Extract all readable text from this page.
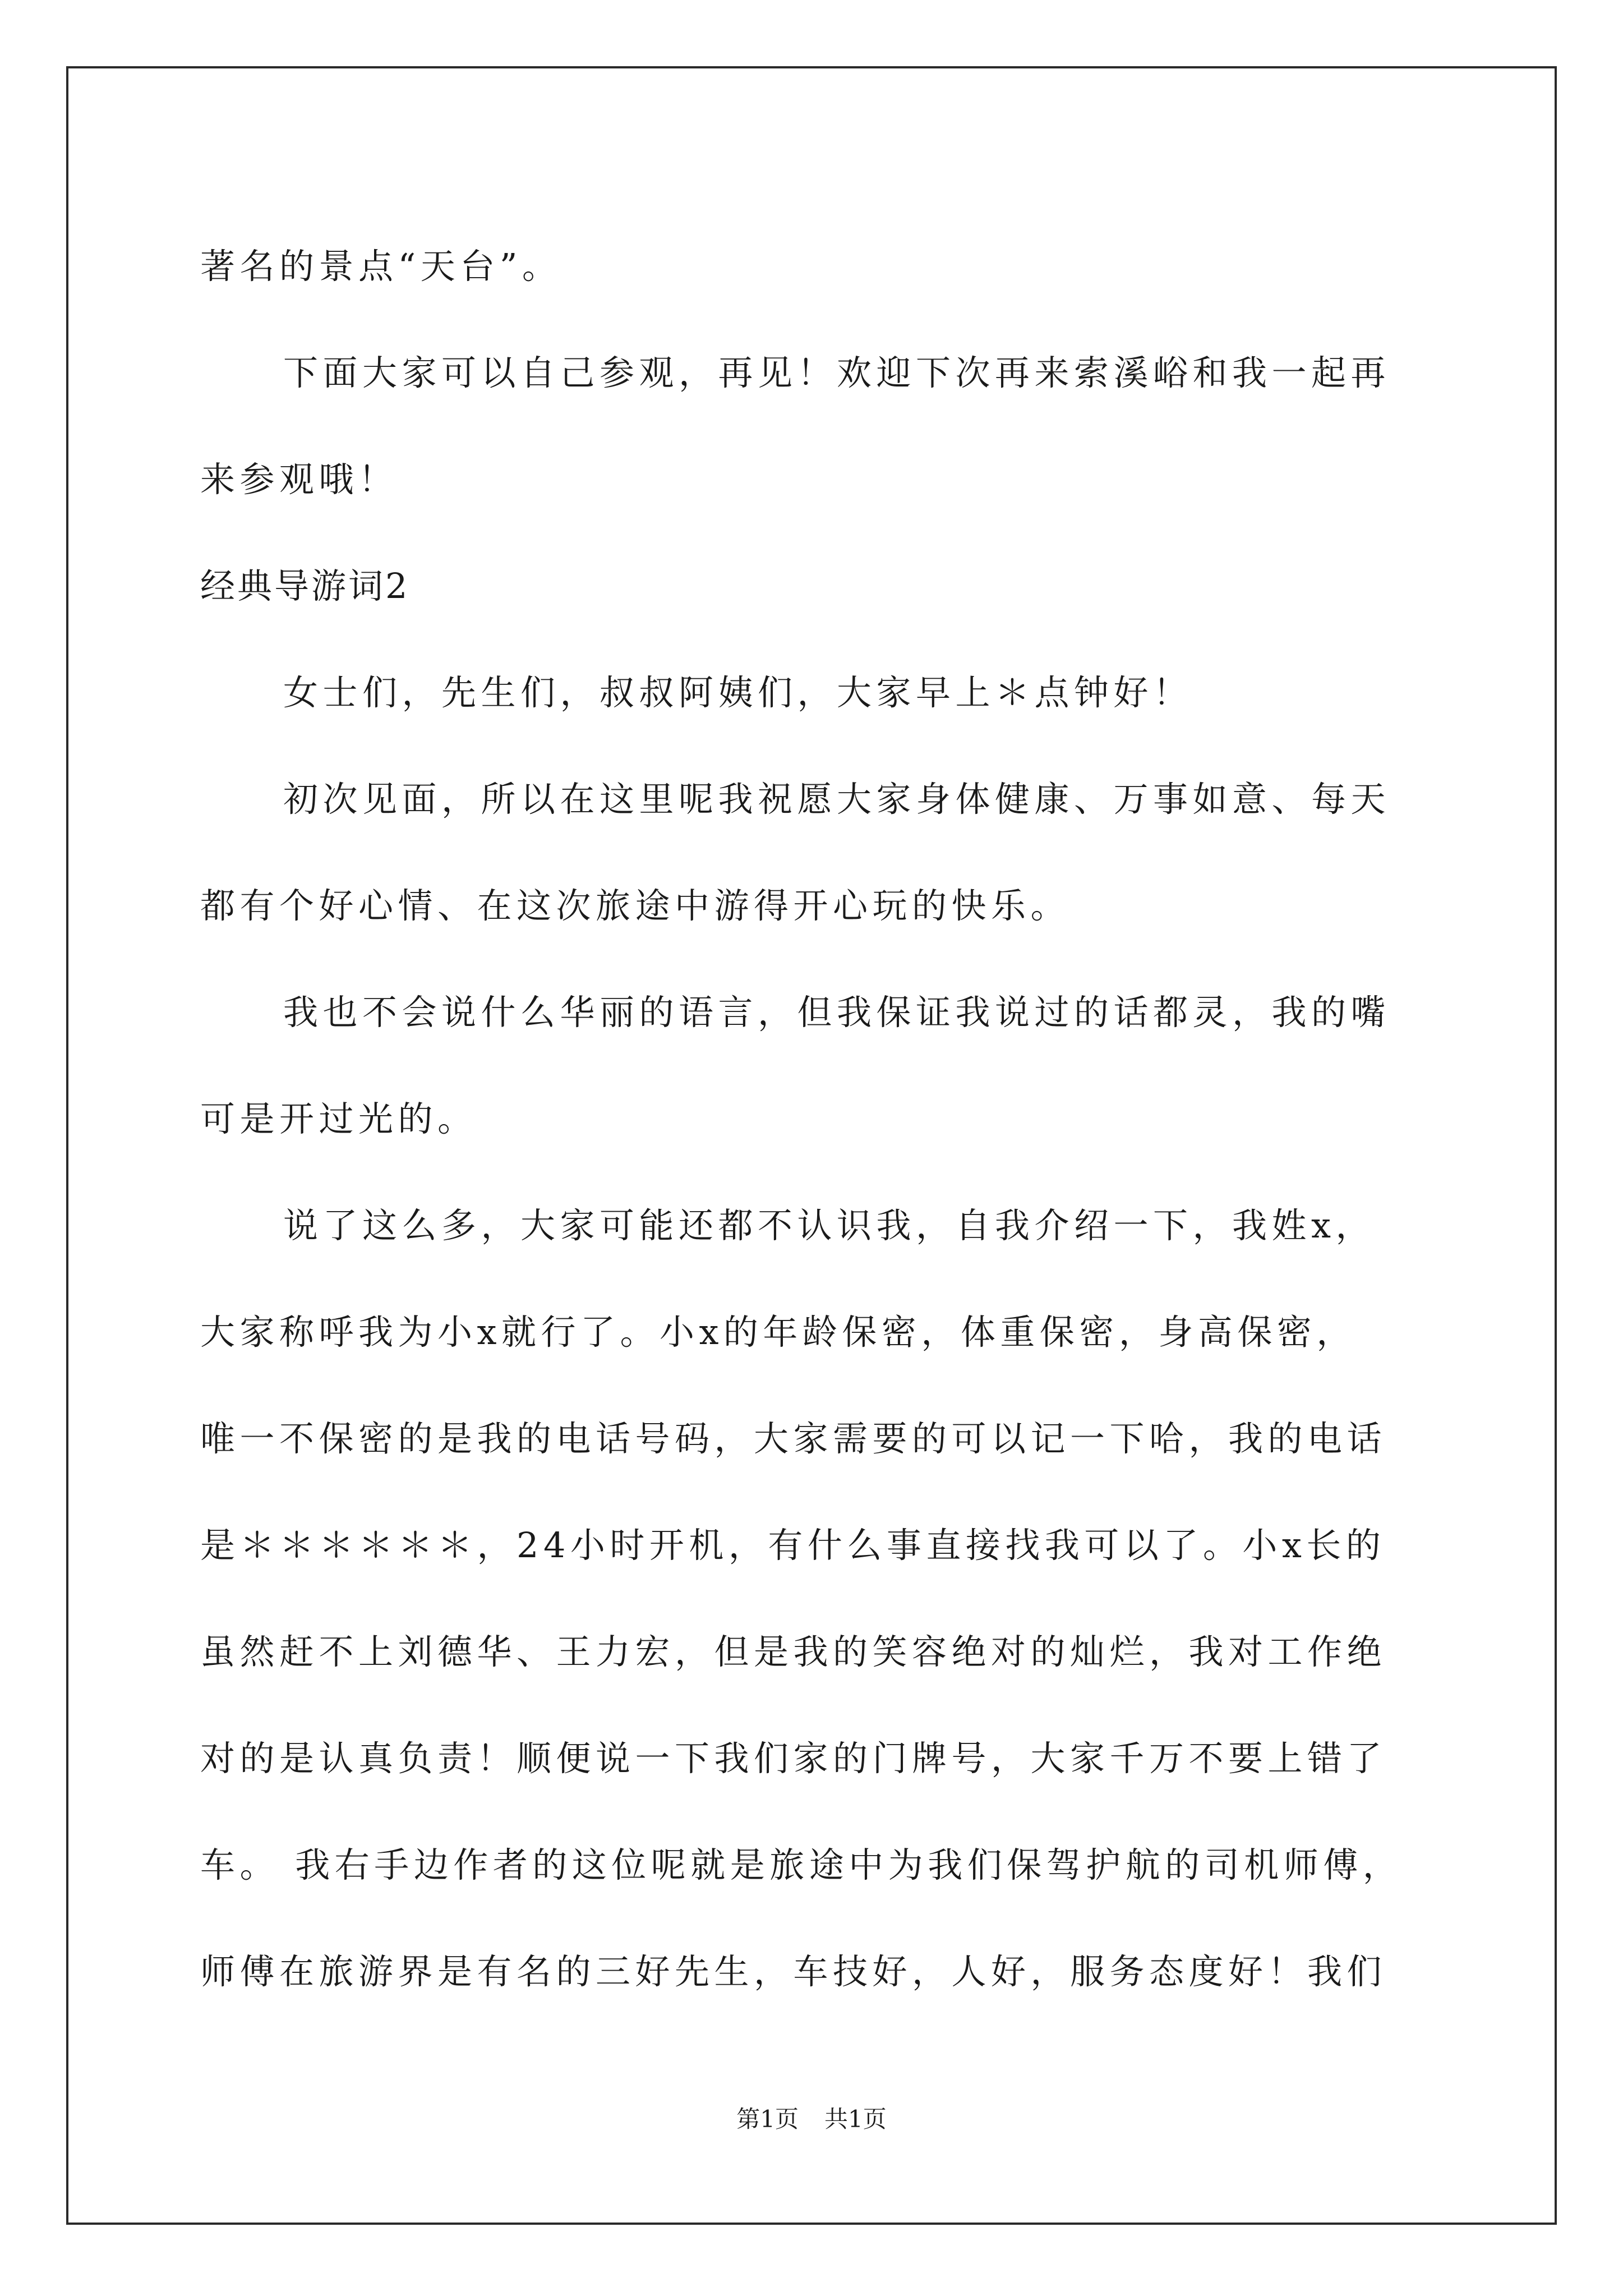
著名的景点“天台”。
下面大家可以自己参观，再见！欢迎下次再来索溪峪和我一起再
来参观哦！
经典导游词2
女士们，先生们，叔叔阿姨们，大家早上＊点钟好！
初次见面，所以在这里呢我祝愿大家身体健康、万事如意、每天
都有个好心情、在这次旅途中游得开心玩的快乐。
我也不会说什么华丽的语言，但我保证我说过的话都灵，我的嘴
可是开过光的。
说了这么多，大家可能还都不认识我，自我介绍一下，我姓x，
大家称呼我为小x就行了。小x的年龄保密，体重保密，身高保密，
唯一不保密的是我的电话号码，大家需要的可以记一下哈，我的电话
是＊＊＊＊＊＊，24小时开机，有什么事直接找我可以了。小x长的
虽然赶不上刘德华、王力宏，但是我的笑容绝对的灿烂，我对工作绝
对的是认真负责！顺便说一下我们家的门牌号，大家千万不要上错了
车。 我右手边作者的这位呢就是旅途中为我们保驾护航的司机师傅，
师傅在旅游界是有名的三好先生，车技好，人好，服务态度好！我们
第1页 共1页
